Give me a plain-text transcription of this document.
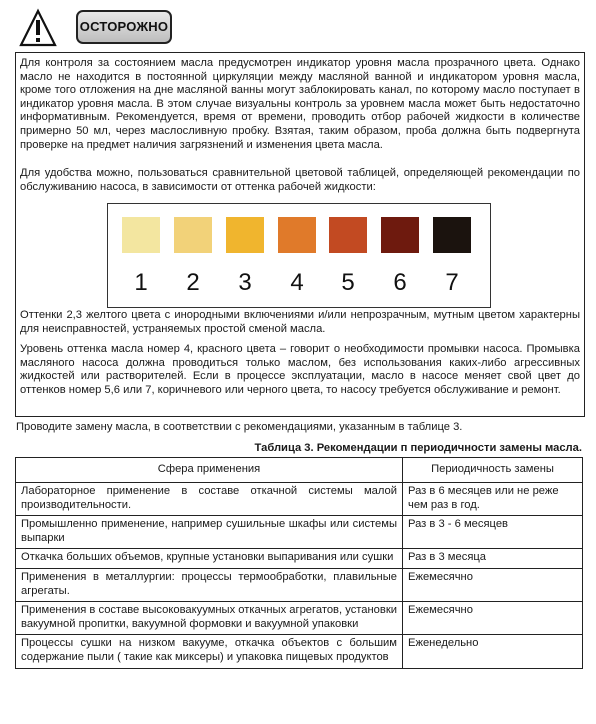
ОСТОРОЖНО
Для контроля за состоянием масла предусмотрен индикатор уровня масла прозрачного цвета. Однако масло не находится в постоянной циркуляции между масляной ванной и индикатором уровня масла, кроме того отложения на дне масляной ванны могут заблокировать канал, по которому масло поступает в индикатор уровня масла. В этом случае визуальны контроль за уровнем масла может быть недостаточно информативным. Рекомендуется, время от времени, проводить отбор рабочей жидкости в количестве примерно 50 мл, через маслосливную пробку. Взятая, таким образом, проба должна быть подвергнута проверке на предмет наличия загрязнений и изменения цвета масла.
Для удобства можно, пользоваться сравнительной цветовой таблицей, определяющей рекомендации по обслуживанию насоса, в зависимости от оттенка рабочей жидкости:
1	2	3	4	5	6	7
Оттенки 2,3 желтого цвета с инородными включениями и/или непрозрачным, мутным цветом характерны для неисправностей, устраняемых простой сменой масла.
Уровень оттенка масла номер 4, красного цвета – говорит о необходимости промывки насоса. Промывка масляного насоса должна проводиться только маслом, без использования каких-либо агрессивных жидкостей или растворителей. Если в процессе эксплуатации, масло в насосе меняет свой цвет до оттенков номер 5,6 или 7, коричневого или черного цвета, то насосу требуется обслуживание и ремонт.
Проводите замену масла, в соответствии с рекомендациями, указанным в таблице 3.
Таблица 3. Рекомендации п периодичности замены масла.
Сфера применения	Периодичность замены
Лабораторное применение в составе откачной системы малой производительности.	Раз в 6 месяцев или не реже чем раз в год.
Промышленно применение, например сушильные шкафы или системы выпарки	Раз в 3 - 6 месяцев
Откачка больших объемов, крупные установки выпаривания или сушки	Раз в 3 месяца
Применения в металлургии: процессы термообработки, плавильные агрегаты.	Ежемесячно
Применения в составе высоковакуумных откачных агрегатов, установки вакуумной пропитки, вакуумной формовки и вакуумной упаковки	Ежемесячно
Процессы сушки на низком вакууме, откачка объектов с большим содержание пыли ( такие как миксеры) и упаковка пищевых продуктов	Еженедельно
